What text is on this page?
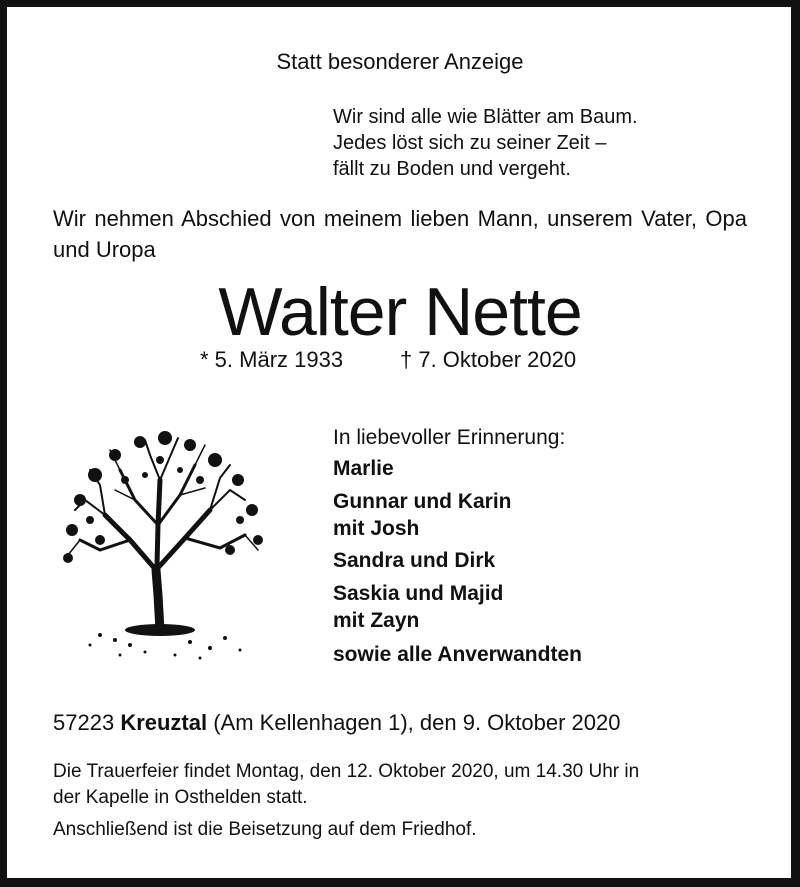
Statt besonderer Anzeige
Wir sind alle wie Blätter am Baum.
Jedes löst sich zu seiner Zeit –
fällt zu Boden und vergeht.
Wir nehmen Abschied von meinem lieben Mann, unserem Vater, Opa und Uropa
Walter Nette
* 5. März 1933	† 7. Oktober 2020
In liebevoller Erinnerung:
Marlie
Gunnar und Karin
mit Josh
Sandra und Dirk
Saskia und Majid
mit Zayn
sowie alle Anverwandten
57223 Kreuztal (Am Kellenhagen 1), den 9. Oktober 2020
Die Trauerfeier findet Montag, den 12. Oktober 2020, um 14.30 Uhr in
der Kapelle in Osthelden statt.
Anschließend ist die Beisetzung auf dem Friedhof.
